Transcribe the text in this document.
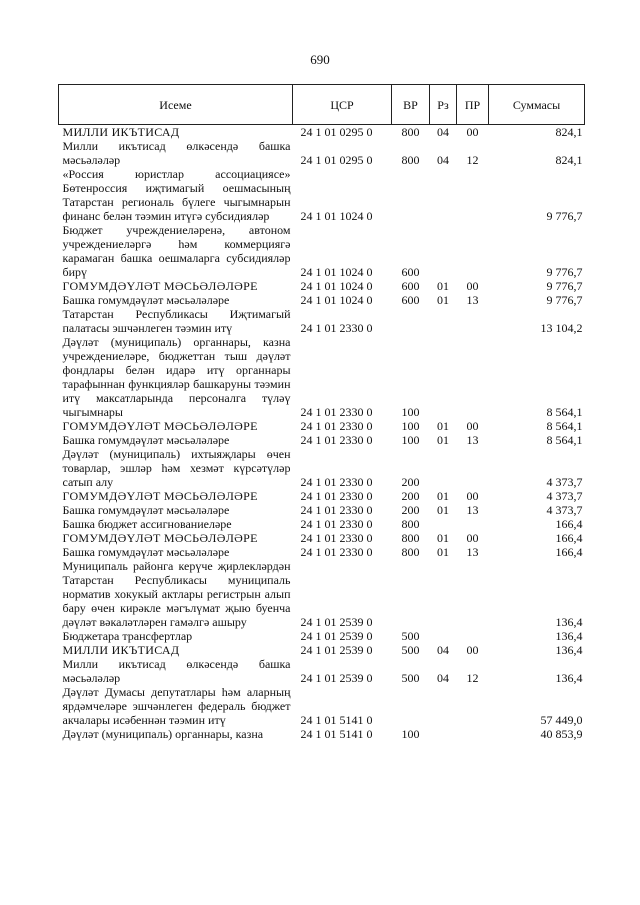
690
Исеме	ЦСР	ВР	Рз	ПР	Суммасы
МИЛЛИ ИКЪТИСАД	24 1 01 0295 0	800	04	00	824,1
Милли икътисад өлкәсендә башка мәсьәләләр	24 1 01 0295 0	800	04	12	824,1
«Россия юристлар ассоциациясе» Бөтенроссия иҗтимагый оешмасының Татарстан региональ бүлеге чыгымнарын финанс белән тәэмин итүгә субсидияләр	24 1 01 1024 0				9 776,7
Бюджет учреждениеләренә, автоном учреждениеләргә һәм коммерциягә карамаган башка оешмаларга субсидияләр бирү	24 1 01 1024 0	600			9 776,7
ГОМУМДӘҮЛӘТ МӘСЬӘЛӘЛӘРЕ	24 1 01 1024 0	600	01	00	9 776,7
Башка гомумдәүләт мәсьәләләре	24 1 01 1024 0	600	01	13	9 776,7
Татарстан Республикасы Иҗтимагый палатасы эшчәнлеген тәэмин итү	24 1 01 2330 0				13 104,2
Дәүләт (муниципаль) органнары, казна учреждениеләре, бюджеттан тыш дәүләт фондлары белән идарә итү органнары тарафыннан функцияләр башкаруны тәэмин итү максатларында персоналга түләү чыгымнары	24 1 01 2330 0	100			8 564,1
ГОМУМДӘҮЛӘТ МӘСЬӘЛӘЛӘРЕ	24 1 01 2330 0	100	01	00	8 564,1
Башка гомумдәүләт мәсьәләләре	24 1 01 2330 0	100	01	13	8 564,1
Дәүләт (муниципаль) ихтыяҗлары өчен товарлар, эшләр һәм хезмәт күрсәтүләр сатып алу	24 1 01 2330 0	200			4 373,7
ГОМУМДӘҮЛӘТ МӘСЬӘЛӘЛӘРЕ	24 1 01 2330 0	200	01	00	4 373,7
Башка гомумдәүләт мәсьәләләре	24 1 01 2330 0	200	01	13	4 373,7
Башка бюджет ассигнованиеләре	24 1 01 2330 0	800			166,4
ГОМУМДӘҮЛӘТ МӘСЬӘЛӘЛӘРЕ	24 1 01 2330 0	800	01	00	166,4
Башка гомумдәүләт мәсьәләләре	24 1 01 2330 0	800	01	13	166,4
Муниципаль районга керүче җирлекләрдән Татарстан Республикасы муниципаль норматив хокукый актлары регистрын алып бару өчен кирәкле мәгълүмат җыю буенча дәүләт вәкаләтләрен гамәлгә ашыру	24 1 01 2539 0				136,4
Бюджетара трансфертлар	24 1 01 2539 0	500			136,4
МИЛЛИ ИКЪТИСАД	24 1 01 2539 0	500	04	00	136,4
Милли икътисад өлкәсендә башка мәсьәләләр	24 1 01 2539 0	500	04	12	136,4
Дәүләт Думасы депутатлары һәм аларның ярдәмчеләре эшчәнлеген федераль бюджет акчалары исәбеннән тәэмин итү	24 1 01 5141 0				57 449,0
Дәүләт (муниципаль) органнары, казна	24 1 01 5141 0	100			40 853,9
